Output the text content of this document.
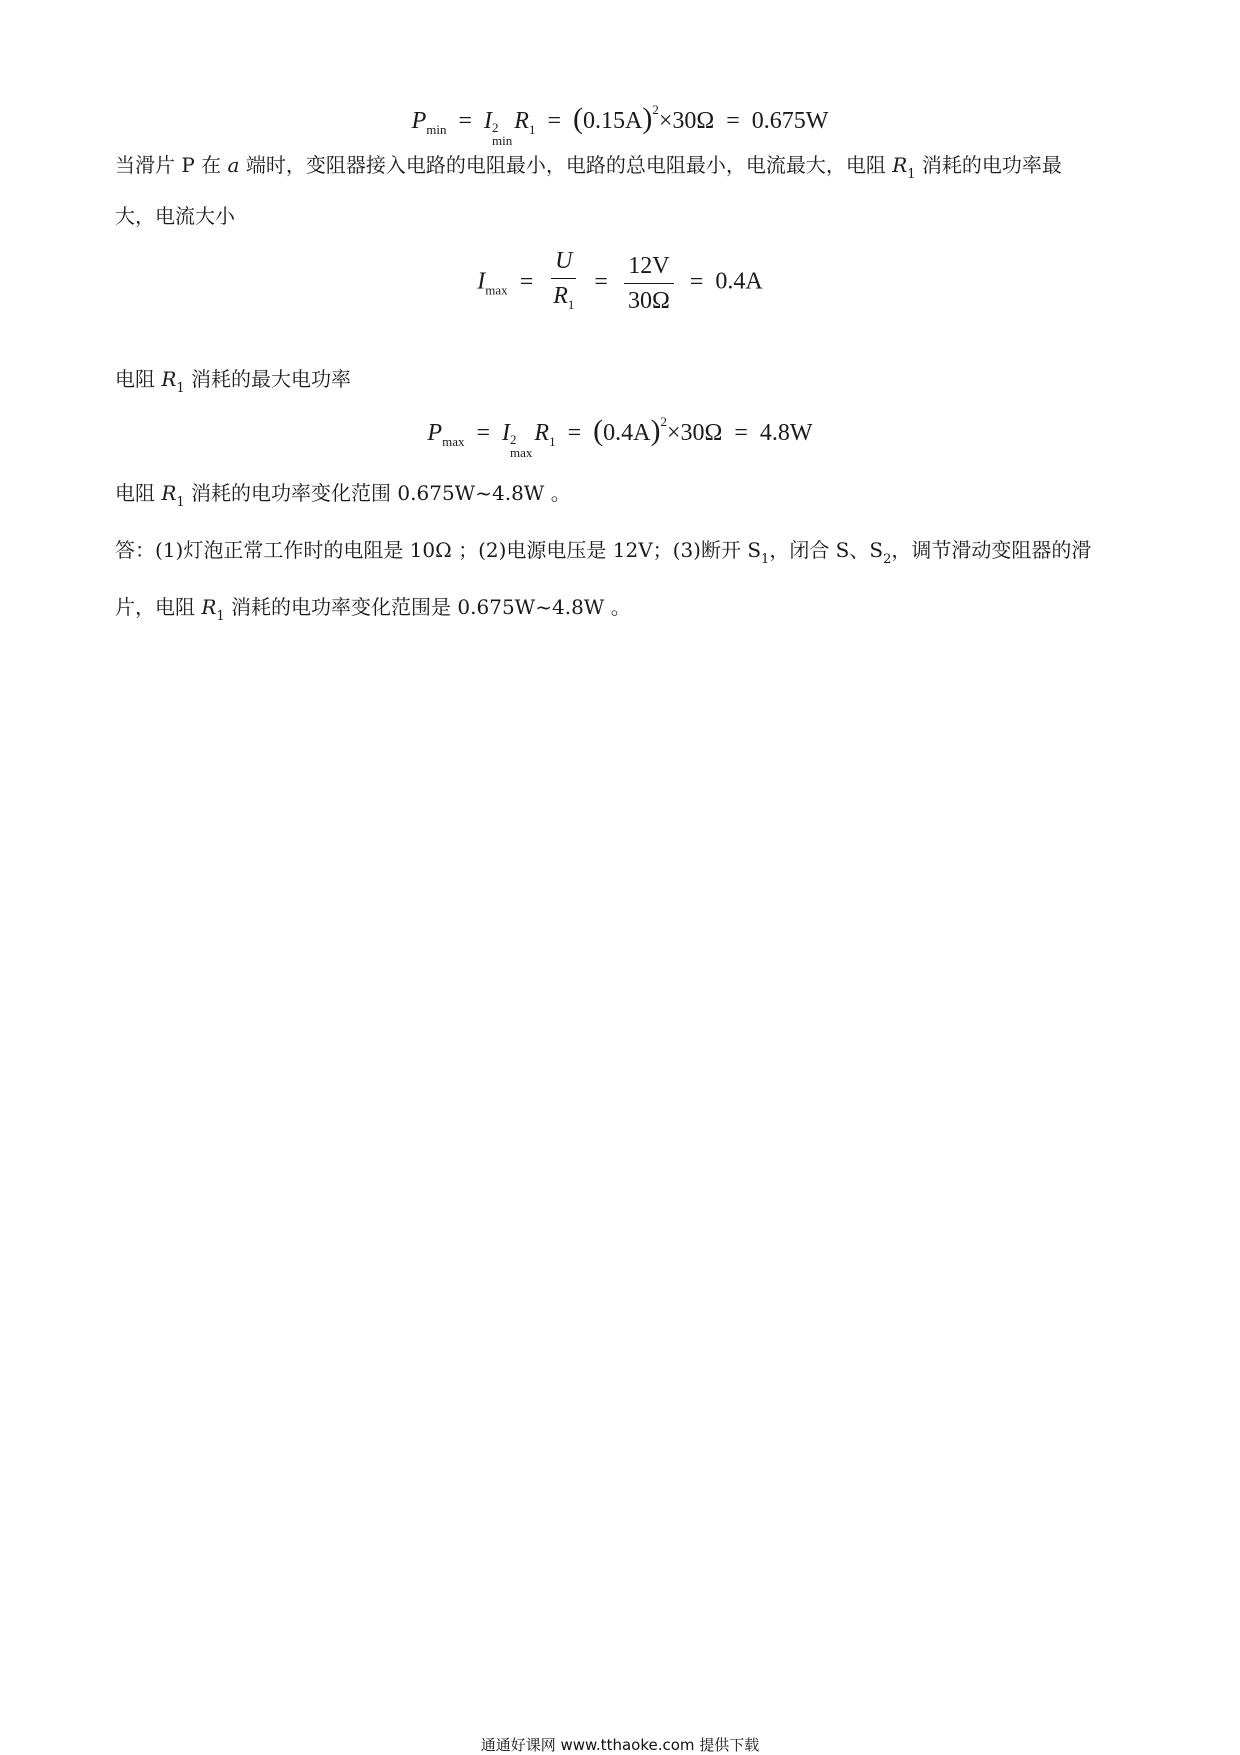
$P_{min} = I$ 2
min
$R_1 = (0.15A)^2\times 30\Omega = 0.675W$
当滑片 P 在 a 端时，变阻器接入电路的电阻最小，电路的总电阻最小，电流最大，电阻 $R_1$ 消耗的电功率最
大，电流大小
$I_{max} = \frac{U}{R_1} = \frac{12V}{30\Omega} = 0.4A$
电阻 $R_1$ 消耗的最大电功率
$P_{max} = I$ 2
max
$R_1 = (0.4A)^2\times 30\Omega = 4.8W$
电阻 $R_1$ 消耗的电功率变化范围 0.675W~4.8W 。
答：(1)灯泡正常工作时的电阻是 10Ω ；(2)电源电压是 12V；(3)断开 $S_1$，闭合 S、$S_2$，调节滑动变阻器的滑
片，电阻 $R_1$ 消耗的电功率变化范围是 0.675W~4.8W 。
通通好课网 www.tthaoke.com 提供下载
